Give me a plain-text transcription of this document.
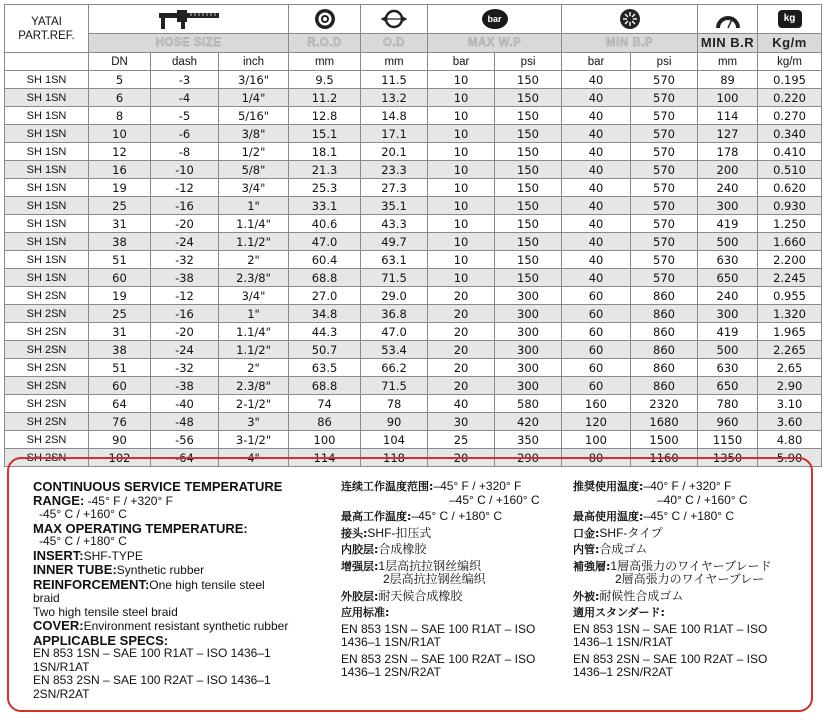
YATAI
PART.REF.						bar					kg
	HOSE SIZE			R.O.D	O.D	MAX W.P		MIN B.P		MIN B.R	Kg/m
	DN	dash	inch	mm	mm	bar	psi	bar	psi	mm	kg/m
SH 1SN	5	-3	3/16"	9.5	11.5	10	150	40	570	89	0.195
SH 1SN	6	-4	1/4"	11.2	13.2	10	150	40	570	100	0.220
SH 1SN	8	-5	5/16"	12.8	14.8	10	150	40	570	114	0.270
SH 1SN	10	-6	3/8"	15.1	17.1	10	150	40	570	127	0.340
SH 1SN	12	-8	1/2"	18.1	20.1	10	150	40	570	178	0.410
SH 1SN	16	-10	5/8"	21.3	23.3	10	150	40	570	200	0.510
SH 1SN	19	-12	3/4"	25.3	27.3	10	150	40	570	240	0.620
SH 1SN	25	-16	1"	33.1	35.1	10	150	40	570	300	0.930
SH 1SN	31	-20	1.1/4"	40.6	43.3	10	150	40	570	419	1.250
SH 1SN	38	-24	1.1/2"	47.0	49.7	10	150	40	570	500	1.660
SH 1SN	51	-32	2"	60.4	63.1	10	150	40	570	630	2.200
SH 1SN	60	-38	2.3/8"	68.8	71.5	10	150	40	570	650	2.245
SH 2SN	19	-12	3/4"	27.0	29.0	20	300	60	860	240	0.955
SH 2SN	25	-16	1"	34.8	36.8	20	300	60	860	300	1.320
SH 2SN	31	-20	1.1/4"	44.3	47.0	20	300	60	860	419	1.965
SH 2SN	38	-24	1.1/2"	50.7	53.4	20	300	60	860	500	2.265
SH 2SN	51	-32	2"	63.5	66.2	20	300	60	860	630	2.65
SH 2SN	60	-38	2.3/8"	68.8	71.5	20	300	60	860	650	2.90
SH 2SN	64	-40	2-1/2"	74	78	40	580	160	2320	780	3.10
SH 2SN	76	-48	3"	86	90	30	420	120	1680	960	3.60
SH 2SN	90	-56	3-1/2"	100	104	25	350	100	1500	1150	4.80
SH 2SN	102	-64	4"	114	118	20	290	80	1160	1350	5.90
CONTINUOUS SERVICE TEMPERATURE
RANGE: -45° F / +320° F
-45° C / +160° C
MAX OPERATING TEMPERATURE:
-45° C / +180° C
INSERT:SHF-TYPE
INNER TUBE:Synthetic rubber
REINFORCEMENT:One high tensile steel
braid
Two high tensile steel braid
COVER:Environment resistant synthetic rubber
APPLICABLE SPECS:
EN 853 1SN – SAE 100 R1AT – ISO 1436–1
1SN/R1AT
EN 853 2SN – SAE 100 R2AT – ISO 1436–1
2SN/R2AT
连续工作温度范围:–45° F / +320° F
–45° C / +160° C
最高工作温度:–45° C / +180° C
接头:SHF-扣压式
内胶层:合成橡胶
增强层:1层高抗拉钢丝编织
2层高抗拉钢丝编织
外胶层:耐天候合成橡胶
应用标准:
EN 853 1SN – SAE 100 R1AT – ISO
1436–1 1SN/R1AT
EN 853 2SN – SAE 100 R2AT – ISO
1436–1 2SN/R2AT
推奨使用温度:–40° F / +320° F
–40° C / +160° C
最高使用温度:–45° C / +180° C
口金:SHF-タイプ
内管:合成ゴム
補強層:1層高張力のワイヤーブレード
2層高張力のワイヤーブレー
外被:耐候性合成ゴム
適用スタンダード:
EN 853 1SN – SAE 100 R1AT – ISO
1436–1 1SN/R1AT
EN 853 2SN – SAE 100 R2AT – ISO
1436–1 2SN/R2AT
